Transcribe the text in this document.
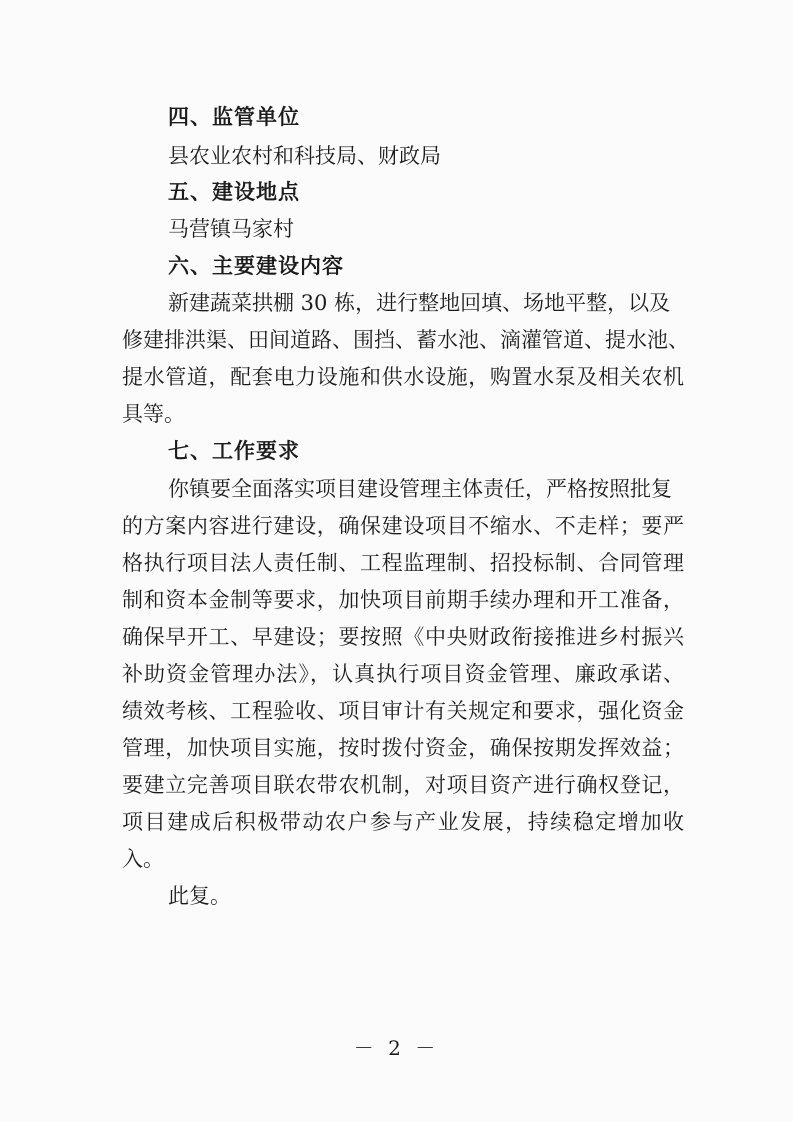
四、监管单位
县农业农村和科技局、财政局
五、建设地点
马营镇马家村
六、主要建设内容
新建蔬菜拱棚 30 栋，进行整地回填、场地平整，以及
修建排洪渠、田间道路、围挡、蓄水池、滴灌管道、提水池、
提水管道，配套电力设施和供水设施，购置水泵及相关农机
具等。
七、工作要求
你镇要全面落实项目建设管理主体责任，严格按照批复
的方案内容进行建设，确保建设项目不缩水、不走样；要严
格执行项目法人责任制、工程监理制、招投标制、合同管理
制和资本金制等要求，加快项目前期手续办理和开工准备，
确保早开工、早建设；要按照《中央财政衔接推进乡村振兴
补助资金管理办法》，认真执行项目资金管理、廉政承诺、
绩效考核、工程验收、项目审计有关规定和要求，强化资金
管理，加快项目实施，按时拨付资金，确保按期发挥效益；
要建立完善项目联农带农机制，对项目资产进行确权登记，
项目建成后积极带动农户参与产业发展，持续稳定增加收
入。
此复。
－ 2 －
